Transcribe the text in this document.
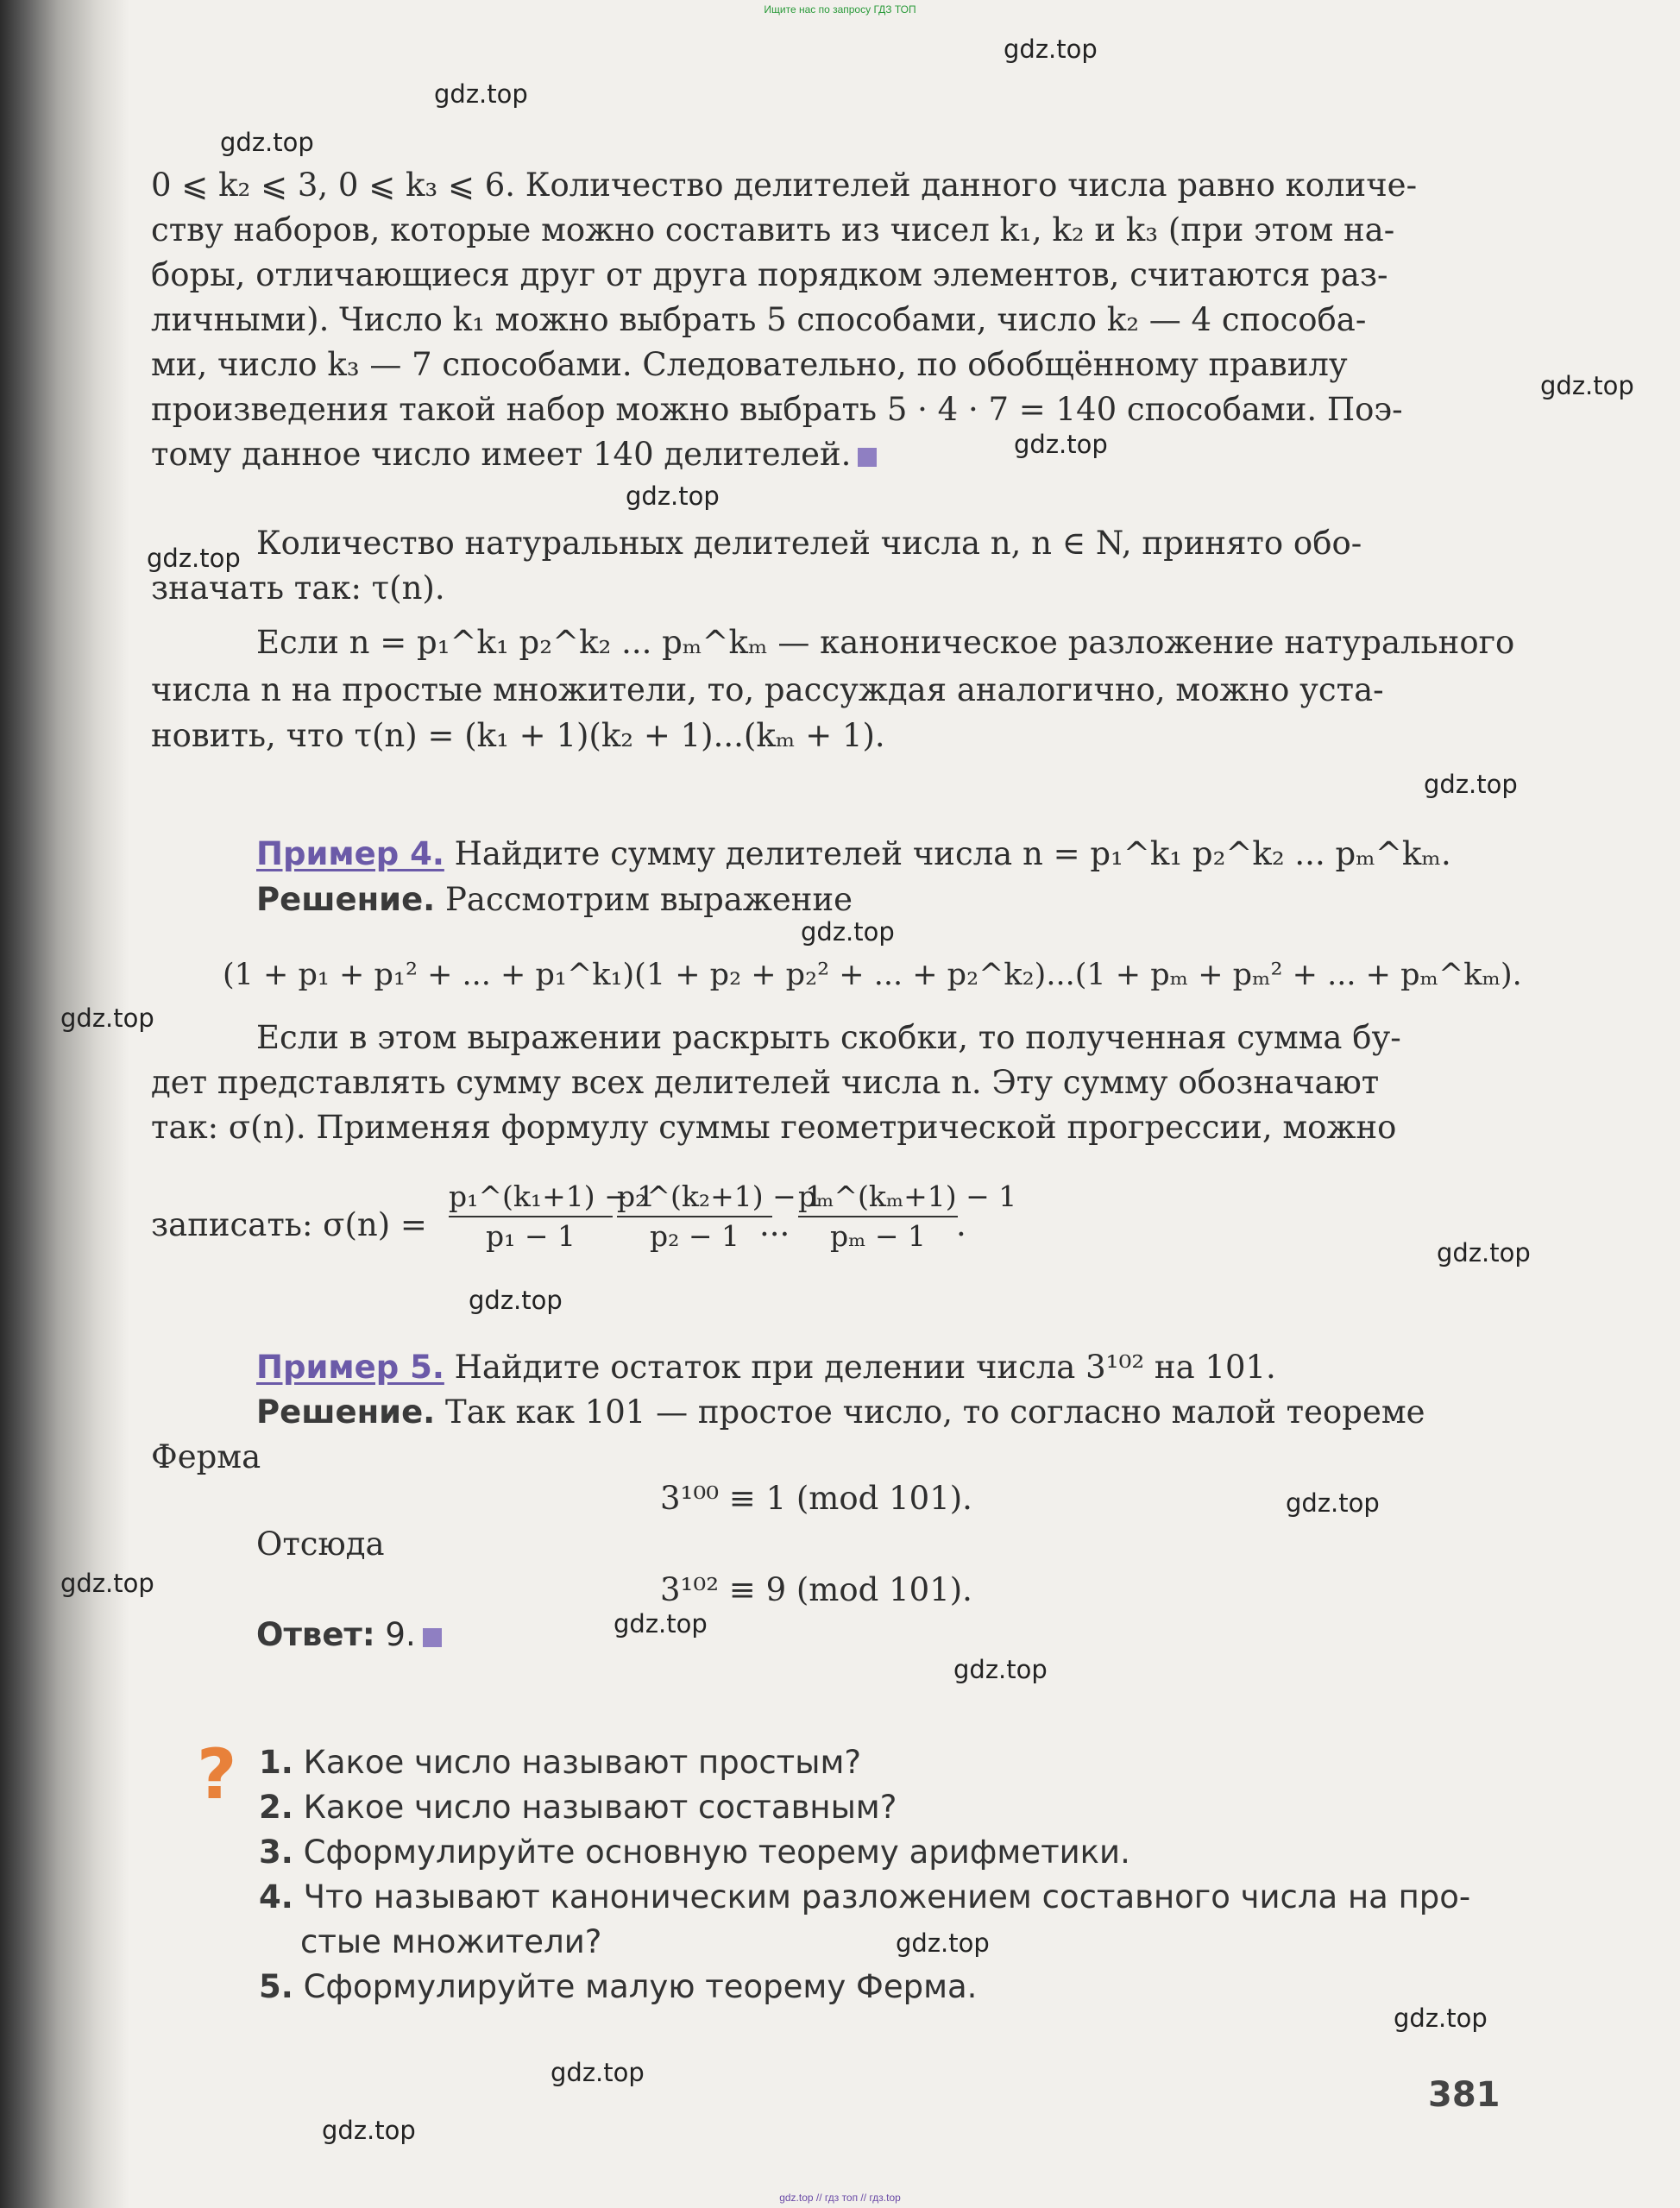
Ищите нас по запросу ГДЗ ТОП
gdz.top
gdz.top
gdz.top
gdz.top
gdz.top
gdz.top
gdz.top
gdz.top
gdz.top
gdz.top
gdz.top
gdz.top
gdz.top
gdz.top
gdz.top
gdz.top
gdz.top
gdz.top
gdz.top
gdz.top
0 ⩽ k₂ ⩽ 3, 0 ⩽ k₃ ⩽ 6. Количество делителей данного числа равно количе-
ству наборов, которые можно составить из чисел k₁, k₂ и k₃ (при этом на-
боры, отличающиеся друг от друга порядком элементов, считаются раз-
личными). Число k₁ можно выбрать 5 способами, число k₂ — 4 способа-
ми, число k₃ — 7 способами. Следовательно, по обобщённому правилу
произведения такой набор можно выбрать 5 · 4 · 7 = 140 способами. Поэ-
тому данное число имеет 140 делителей.
Количество натуральных делителей числа n, n ∈ N, принято обо-
значать так: τ(n).
Если n = p₁^k₁ p₂^k₂ ... pₘ^kₘ — каноническое разложение натурального
числа n на простые множители, то, рассуждая аналогично, можно уста-
новить, что τ(n) = (k₁ + 1)(k₂ + 1)...(kₘ + 1).
Пример 4. Найдите сумму делителей числа n = p₁^k₁ p₂^k₂ ... pₘ^kₘ.
Решение. Рассмотрим выражение
(1 + p₁ + p₁² + ... + p₁^k₁)(1 + p₂ + p₂² + ... + p₂^k₂)...(1 + pₘ + pₘ² + ... + pₘ^kₘ).
Если в этом выражении раскрыть скобки, то полученная сумма бу-
дет представлять сумму всех делителей числа n. Эту сумму обозначают
так: σ(n). Применяя формулу суммы геометрической прогрессии, можно
записать: $\sigma(n) = \frac{\text{p₁\textasciicircum{}(k₁+1) − 1}}{\text{p₁ − 1}} \frac{\text{p₂\textasciicircum{}(k₂+1) − 1}}{\text{p₂ − 1}}$
... $\frac{\text{pₘ\textasciicircum{}(kₘ+1) − 1}}{\text{pₘ − 1}}$
.
Пример 5. Найдите остаток при делении числа 3¹⁰² на 101.
Решение. Так как 101 — простое число, то согласно малой теореме
Ферма
3¹⁰⁰ ≡ 1 (mod 101).
Отсюда
3¹⁰² ≡ 9 (mod 101).
Ответ: 9.
? 1. Какое число называют простым?
2. Какое число называют составным?
3. Сформулируйте основную теорему арифметики.
4. Что называют каноническим разложением составного числа на про-
стые множители?
5. Сформулируйте малую теорему Ферма.
381
gdz.top // гдз топ // гдз.top
